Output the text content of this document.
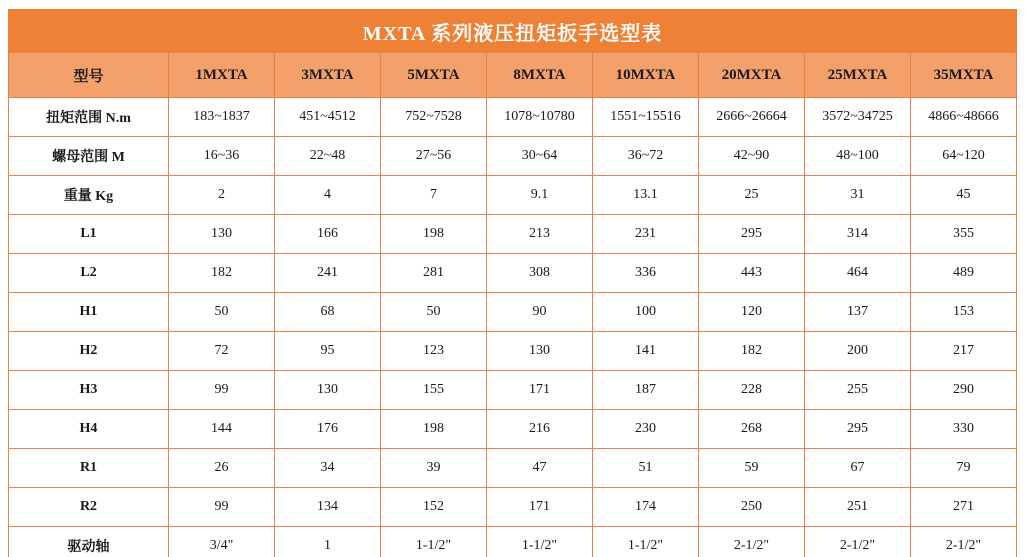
MXTA 系列液压扭矩扳手选型表								
型号	1MXTA	3MXTA	5MXTA	8MXTA	10MXTA	20MXTA	25MXTA	35MXTA
扭矩范围 N.m	183~1837	451~4512	752~7528	1078~10780	1551~15516	2666~26664	3572~34725	4866~48666
螺母范围 M	16~36	22~48	27~56	30~64	36~72	42~90	48~100	64~120
重量 Kg	2	4	7	9.1	13.1	25	31	45
L1	130	166	198	213	231	295	314	355
L2	182	241	281	308	336	443	464	489
H1	50	68	50	90	100	120	137	153
H2	72	95	123	130	141	182	200	217
H3	99	130	155	171	187	228	255	290
H4	144	176	198	216	230	268	295	330
R1	26	34	39	47	51	59	67	79
R2	99	134	152	171	174	250	251	271
驱动轴	3/4"	1	1-1/2"	1-1/2"	1-1/2"	2-1/2"	2-1/2"	2-1/2"
